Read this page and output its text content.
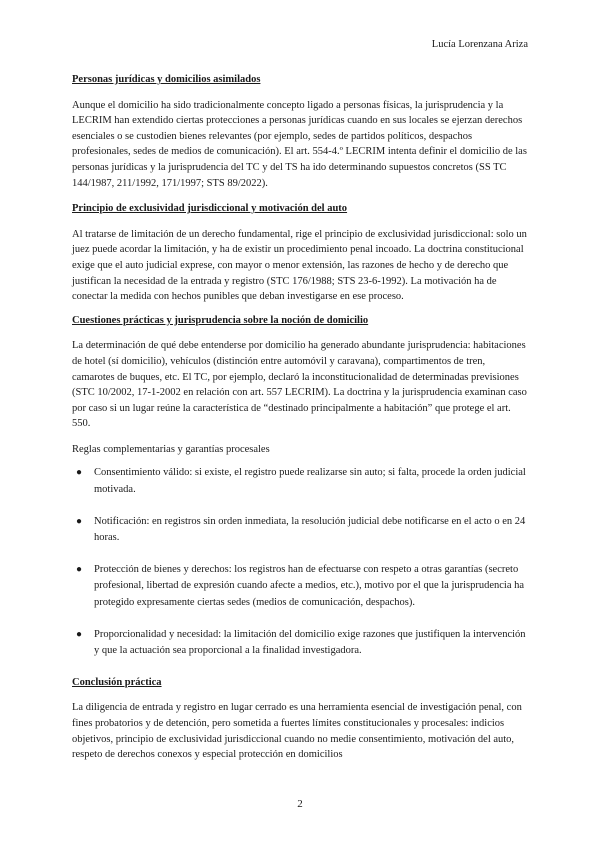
Lucía Lorenzana Ariza
Personas jurídicas y domicilios asimilados

Aunque el domicilio ha sido tradicionalmente concepto ligado a personas físicas, la jurisprudencia y la LECRIM han extendido ciertas protecciones a personas jurídicas cuando en sus locales se ejerzan derechos esenciales o se custodien bienes relevantes (por ejemplo, sedes de partidos políticos, despachos profesionales, sedes de medios de comunicación). El art. 554-4.º LECRIM intenta definir el domicilio de las personas jurídicas y la jurisprudencia del TC y del TS ha ido determinando supuestos concretos (SS TC 144/1987, 211/1992, 171/1997; STS 89/2022).

Principio de exclusividad jurisdiccional y motivación del auto

Al tratarse de limitación de un derecho fundamental, rige el principio de exclusividad jurisdiccional: solo un juez puede acordar la limitación, y ha de existir un procedimiento penal incoado. La doctrina constitucional exige que el auto judicial exprese, con mayor o menor extensión, las razones de hecho y de derecho que justifican la necesidad de la entrada y registro (STC 176/1988; STS 23-6-1992). La motivación ha de conectar la medida con hechos punibles que deban investigarse en ese proceso.

Cuestiones prácticas y jurisprudencia sobre la noción de domicilio

La determinación de qué debe entenderse por domicilio ha generado abundante jurisprudencia: habitaciones de hotel (sí domicilio), vehículos (distinción entre automóvil y caravana), compartimentos de tren, camarotes de buques, etc. El TC, por ejemplo, declaró la inconstitucionalidad de determinadas previsiones (STC 10/2002, 17-1-2002 en relación con art. 557 LECRIM). La doctrina y la jurisprudencia examinan caso por caso si un lugar reúne la característica de “destinado principalmente a habitación” que protege el art. 550.

Reglas complementarias y garantías procesales

● Consentimiento válido: si existe, el registro puede realizarse sin auto; si falta, procede la orden judicial motivada.
● Notificación: en registros sin orden inmediata, la resolución judicial debe notificarse en el acto o en 24 horas.
● Protección de bienes y derechos: los registros han de efectuarse con respeto a otras garantías (secreto profesional, libertad de expresión cuando afecte a medios, etc.), motivo por el que la jurisprudencia ha protegido expresamente ciertas sedes (medios de comunicación, despachos).
● Proporcionalidad y necesidad: la limitación del domicilio exige razones que justifiquen la intervención y que la actuación sea proporcional a la finalidad investigadora.
Conclusión práctica

La diligencia de entrada y registro en lugar cerrado es una herramienta esencial de investigación penal, con fines probatorios y de detención, pero sometida a fuertes límites constitucionales y procesales: indicios objetivos, principio de exclusividad jurisdiccional cuando no medie consentimiento, motivación del auto, respeto de derechos conexos y especial protección en domicilios

2
